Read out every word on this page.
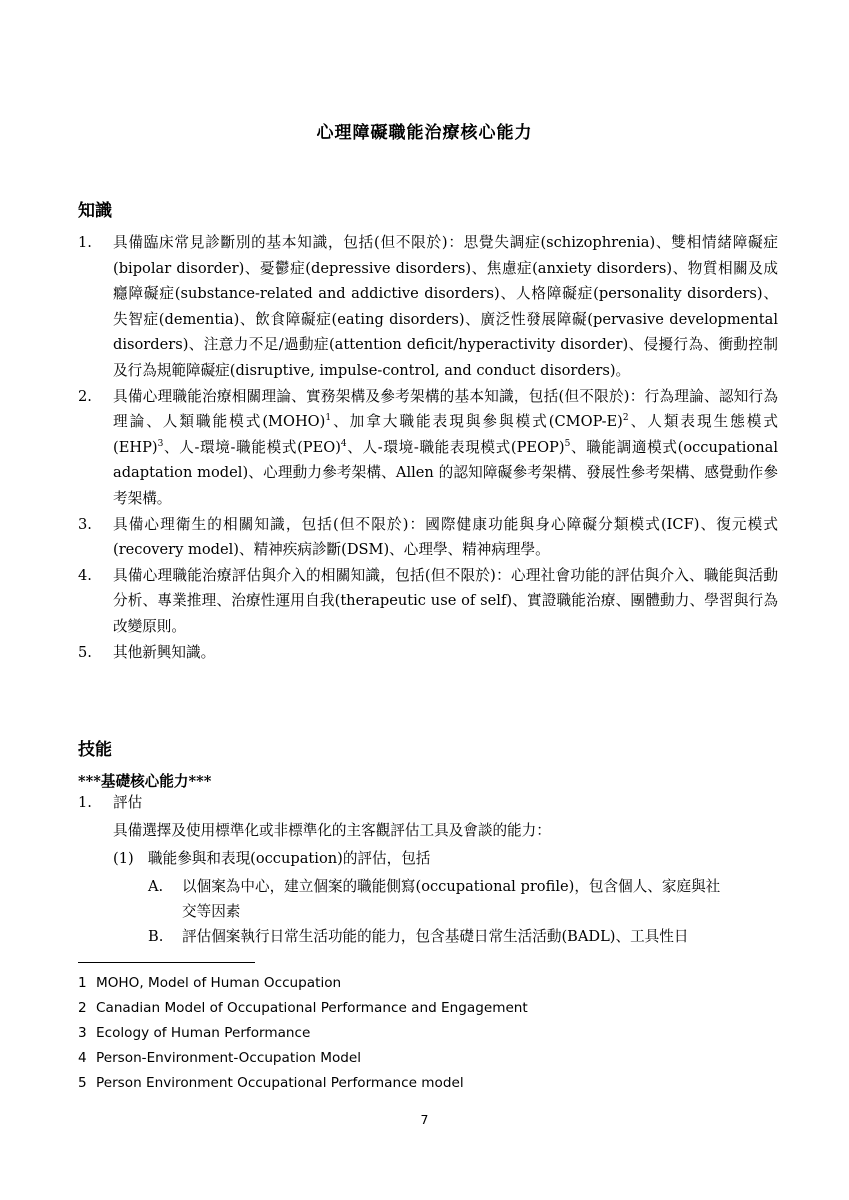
心理障礙職能治療核心能力
知識
1. 具備臨床常見診斷別的基本知識，包括(但不限於)：思覺失調症(schizophrenia)、雙相情緒障礙症(bipolar disorder)、憂鬱症(depressive disorders)、焦慮症(anxiety disorders)、物質相關及成癮障礙症(substance-related and addictive disorders)、人格障礙症(personality disorders)、失智症(dementia)、飲食障礙症(eating disorders)、廣泛性發展障礙(pervasive developmental disorders)、注意力不足/過動症(attention deficit/hyperactivity disorder)、侵擾行為、衝動控制及行為規範障礙症(disruptive, impulse-control, and conduct disorders)。
2. 具備心理職能治療相關理論、實務架構及參考架構的基本知識，包括(但不限於)：行為理論、認知行為理論、人類職能模式(MOHO)$^1$、加拿大職能表現與參與模式(CMOP-E)$^2$、人類表現生態模式(EHP)$^3$、人-環境-職能模式(PEO)$^4$、人-環境-職能表現模式(PEOP)$^5$、職能調適模式(occupational adaptation model)、心理動力參考架構、Allen 的認知障礙參考架構、發展性參考架構、感覺動作參考架構。
3. 具備心理衛生的相關知識，包括(但不限於)：國際健康功能與身心障礙分類模式(ICF)、復元模式(recovery model)、精神疾病診斷(DSM)、心理學、精神病理學。
4. 具備心理職能治療評估與介入的相關知識，包括(但不限於)：心理社會功能的評估與介入、職能與活動分析、專業推理、治療性運用自我(therapeutic use of self)、實證職能治療、團體動力、學習與行為改變原則。
5. 其他新興知識。
技能
***基礎核心能力***
1. 評估
具備選擇及使用標準化或非標準化的主客觀評估工具及會談的能力：
(1) 職能參與和表現(occupation)的評估，包括
A. 以個案為中心，建立個案的職能側寫(occupational profile)，包含個人、家庭與社
交等因素
B. 評估個案執行日常生活功能的能力，包含基礎日常生活活動(BADL)、工具性日
1 MOHO, Model of Human Occupation
2 Canadian Model of Occupational Performance and Engagement
3 Ecology of Human Performance
4 Person-Environment-Occupation Model
5 Person Environment Occupational Performance model
7
